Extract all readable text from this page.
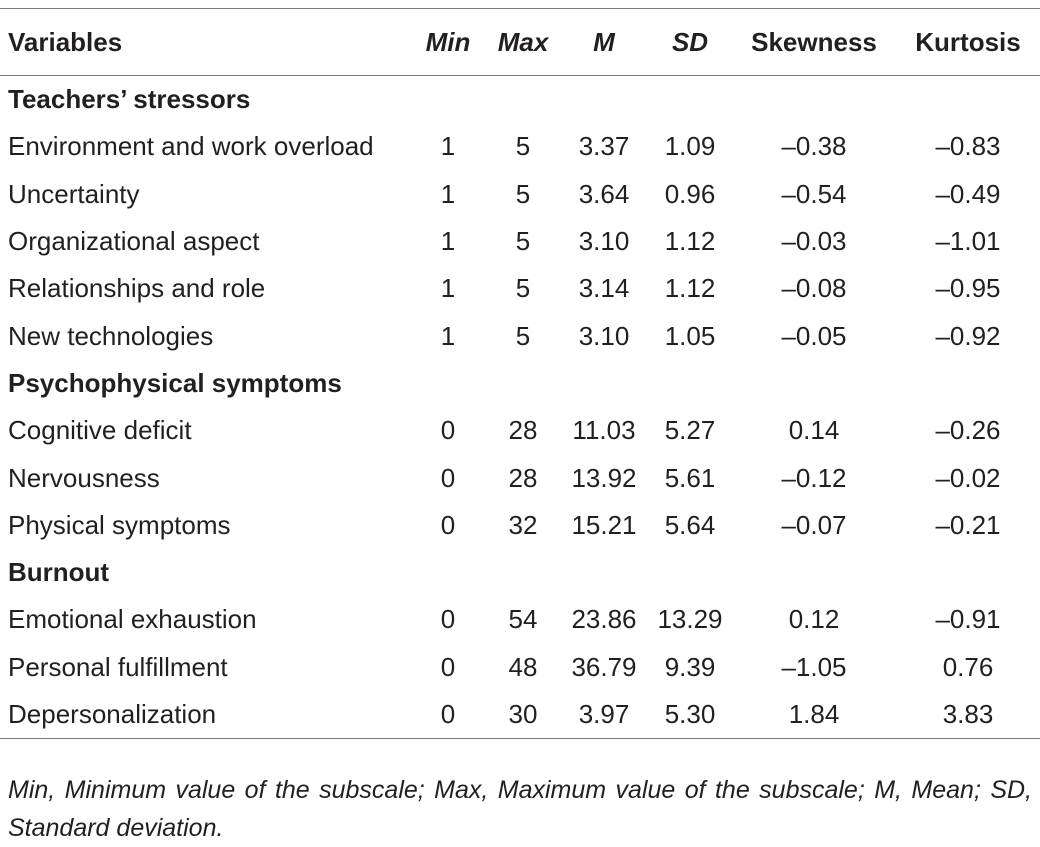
Variables	Min	Max	M	SD	Skewness	Kurtosis
Teachers’ stressors						
Environment and work overload	1	5	3.37	1.09	–0.38	–0.83
Uncertainty	1	5	3.64	0.96	–0.54	–0.49
Organizational aspect	1	5	3.10	1.12	–0.03	–1.01
Relationships and role	1	5	3.14	1.12	–0.08	–0.95
New technologies	1	5	3.10	1.05	–0.05	–0.92
Psychophysical symptoms						
Cognitive deficit	0	28	11.03	5.27	0.14	–0.26
Nervousness	0	28	13.92	5.61	–0.12	–0.02
Physical symptoms	0	32	15.21	5.64	–0.07	–0.21
Burnout						
Emotional exhaustion	0	54	23.86	13.29	0.12	–0.91
Personal fulfillment	0	48	36.79	9.39	–1.05	0.76
Depersonalization	0	30	3.97	5.30	1.84	3.83
Min, Minimum value of the subscale; Max, Maximum value of the subscale; M, Mean; SD, Standard deviation.
